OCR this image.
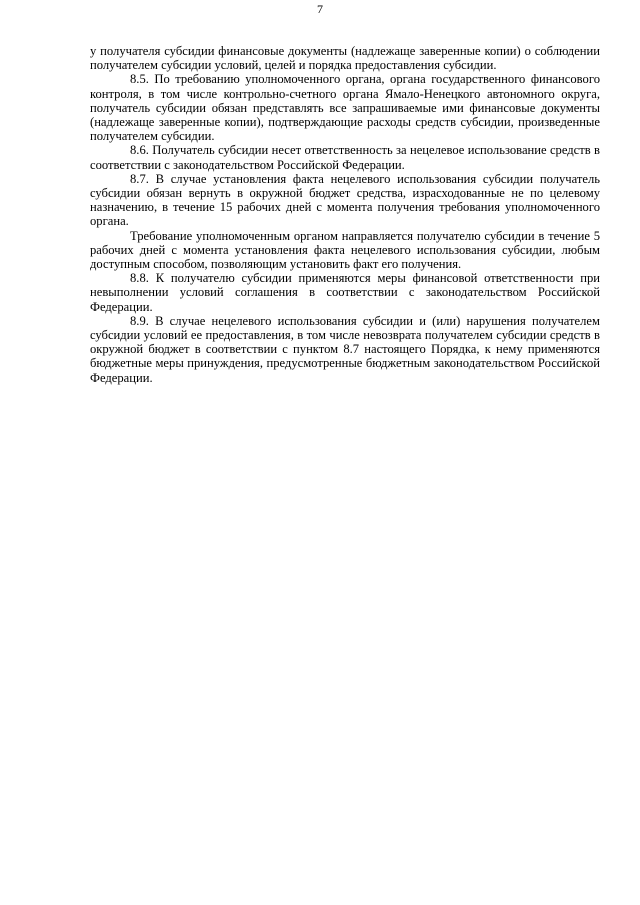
7

у получателя субсидии финансовые документы (надлежаще заверенные копии) о соблюдении получателем субсидии условий, целей и порядка предоставления субсидии.

8.5. По требованию уполномоченного органа, органа государственного финансового контроля, в том числе контрольно-счетного органа Ямало-Ненецкого автономного округа, получатель субсидии обязан представлять все запрашиваемые ими финансовые документы (надлежаще заверенные копии), подтверждающие расходы средств субсидии, произведенные получателем субсидии.

8.6. Получатель субсидии несет ответственность за нецелевое использование средств в соответствии с законодательством Российской Федерации.

8.7. В случае установления факта нецелевого использования субсидии получатель субсидии обязан вернуть в окружной бюджет средства, израсходованные не по целевому назначению, в течение 15 рабочих дней с момента получения требования уполномоченного органа.

Требование уполномоченным органом направляется получателю субсидии в течение 5 рабочих дней с момента установления факта нецелевого использования субсидии, любым доступным способом, позволяющим установить факт его получения.

8.8. К получателю субсидии применяются меры финансовой ответственности при невыполнении условий соглашения в соответствии с законодательством Российской Федерации.

8.9. В случае нецелевого использования субсидии и (или) нарушения получателем субсидии условий ее предоставления, в том числе невозврата получателем субсидии средств в окружной бюджет в соответствии с пунктом 8.7 настоящего Порядка, к нему применяются бюджетные меры принуждения, предусмотренные бюджетным законодательством Российской Федерации.
